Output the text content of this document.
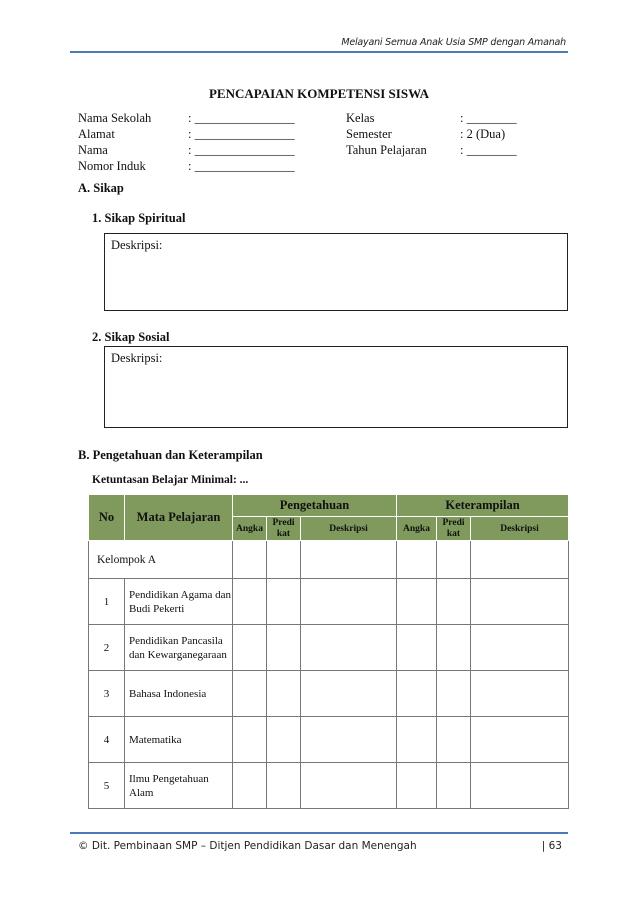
Melayani Semua Anak Usia SMP dengan Amanah
PENCAPAIAN KOMPETENSI SISWA
Nama Sekolah	: ________________
Alamat	: ________________
Nama	: ________________
Nomor Induk	: ________________
Kelas	: ________
Semester	: 2 (Dua)
Tahun Pelajaran	: ________
A. Sikap
1. Sikap Spiritual
Deskripsi:
2. Sikap Sosial
Deskripsi:
B. Pengetahuan dan Keterampilan
Ketuntasan Belajar Minimal: ...
No	Mata Pelajaran	Pengetahuan			Keterampilan		
		Angka	Predi kat	Deskripsi	Angka	Predi kat	Deskripsi
Kelompok A							
1	Pendidikan Agama dan Budi Pekerti						
2	Pendidikan Pancasila dan Kewarganegaraan						
3	Bahasa Indonesia						
4	Matematika						
5	Ilmu Pengetahuan Alam						
© Dit. Pembinaan SMP – Ditjen Pendidikan Dasar dan Menengah	| 63
